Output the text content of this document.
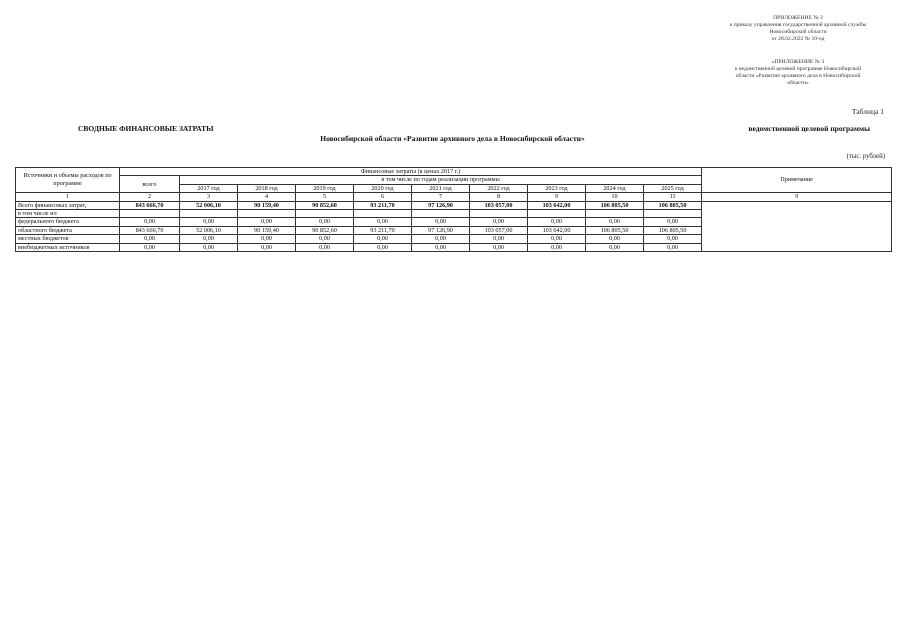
ПРИЛОЖЕНИЕ № 2
к приказу управления государственной архивной службы
Новосибирской области
от 28.02.2022 № 10-од
«ПРИЛОЖЕНИЕ № 3
к ведомственной целевой программе Новосибирской
области «Развитие архивного дела в Новосибирской
области»
Таблица 1
СВОДНЫЕ ФИНАНСОВЫЕ ЗАТРАТЫ	ведомственной целевой программы
Новосибирской области «Развитие архивного дела в Новосибирской области»
(тыс. рублей)
Источники и объемы расходов по программе	Финансовые затраты (в ценах 2017 г.)										Примечание
	всего	в том числе по годам реализации программы									
		2017 год	2018 год	2019 год	2020 год	2021 год	2022 год	2023 год	2024 год	2025 год	
1	2	3	4	5	6	7	8	9	10	11	9
Всего финансовых затрат,	843 666,70	52 006,10	90 159,40	90 852,60	93 211,70	97 126,90	103 057,00	103 642,00	106 805,50	106 805,50	
в том числе из:											
федерального бюджета	0,00	0,00	0,00	0,00	0,00	0,00	0,00	0,00	0,00	0,00	
областного бюджета	843 666,70	52 006,10	90 159,40	90 852,60	93 211,70	97 126,90	103 057,00	103 642,00	106 805,50	106 805,50	
местных бюджетов	0,00	0,00	0,00	0,00	0,00	0,00	0,00	0,00	0,00	0,00	
внебюджетных источников	0,00	0,00	0,00	0,00	0,00	0,00	0,00	0,00	0,00	0,00	
